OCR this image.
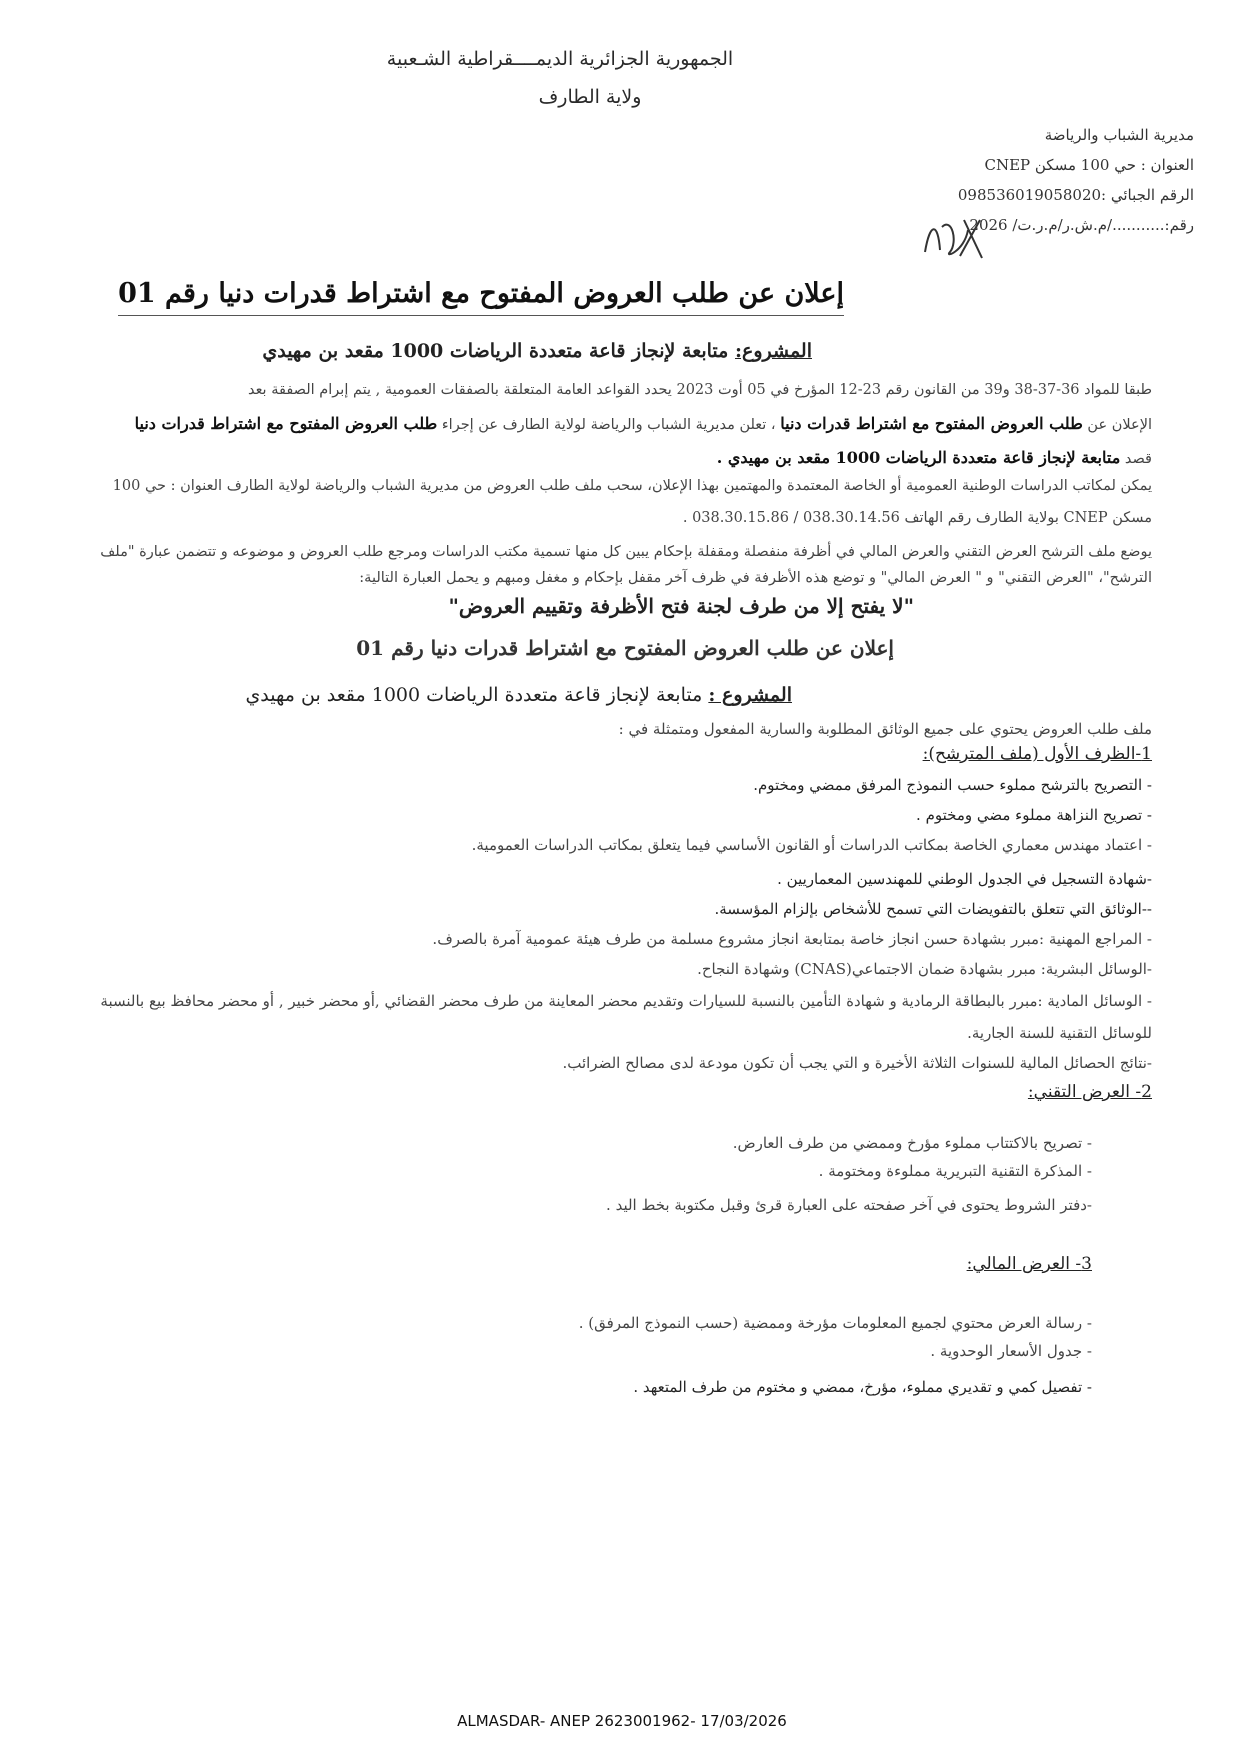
الجمهورية الجزائرية الديمــــقراطية الشـعبية
ولاية الطارف
مديرية الشباب والرياضة
العنوان : حي 100 مسكن CNEP
الرقم الجبائي :098536019058020
رقم:.........../م.ش.ر/م.ر.ت/ 2026
إعلان عن طلب العروض المفتوح مع اشتراط قدرات دنيا رقم 01
المشروع: متابعة لإنجاز قاعة متعددة الرياضات 1000 مقعد بن مهيدي
طبقا للمواد 36-37-38 و39 من القانون رقم 23-12 المؤرخ في 05 أوت 2023 يحدد القواعد العامة المتعلقة بالصفقات العمومية , يتم إبرام الصفقة بعد
الإعلان عن طلب العروض المفتوح مع اشتراط قدرات دنيا ، تعلن مديرية الشباب والرياضة لولاية الطارف عن إجراء طلب العروض المفتوح مع اشتراط قدرات دنيا
قصد متابعة لإنجاز قاعة متعددة الرياضات 1000 مقعد بن مهيدي .
يمكن لمكاتب الدراسات الوطنية العمومية أو الخاصة المعتمدة والمهتمين بهذا الإعلان، سحب ملف طلب العروض من مديرية الشباب والرياضة لولاية الطارف العنوان : حي 100
مسكن CNEP بولاية الطارف رقم الهاتف 038.30.14.56 / 038.30.15.86 .
يوضع ملف الترشح العرض التقني والعرض المالي في أظرفة منفصلة ومقفلة بإحكام يبين كل منها تسمية مكتب الدراسات ومرجع طلب العروض و موضوعه و تتضمن عبارة "ملف
الترشح"، "العرض التقني" و " العرض المالي" و توضع هذه الأظرفة في ظرف آخر مقفل بإحكام و مغفل ومبهم و يحمل العبارة التالية:
"لا يفتح إلا من طرف لجنة فتح الأظرفة وتقييم العروض"
إعلان عن طلب العروض المفتوح مع اشتراط قدرات دنيا رقم 01
المشروع : متابعة لإنجاز قاعة متعددة الرياضات 1000 مقعد بن مهيدي
ملف طلب العروض يحتوي على جميع الوثائق المطلوبة والسارية المفعول ومتمثلة في :
1-الظرف الأول (ملف المترشح):
- التصريح بالترشح مملوء حسب النموذج المرفق ممضي ومختوم.
- تصريح النزاهة مملوء مضي ومختوم .
- اعتماد مهندس معماري الخاصة بمكاتب الدراسات أو القانون الأساسي فيما يتعلق بمكاتب الدراسات العمومية.
-شهادة التسجيل في الجدول الوطني للمهندسين المعماريين .
--الوثائق التي تتعلق بالتفويضات التي تسمح للأشخاص بإلزام المؤسسة.
- المراجع المهنية :مبرر بشهادة حسن انجاز خاصة بمتابعة انجاز مشروع مسلمة من طرف هيئة عمومية آمرة بالصرف.
-الوسائل البشرية: مبرر بشهادة ضمان الاجتماعي(CNAS) وشهادة النجاح.
- الوسائل المادية :مبرر بالبطاقة الرمادية و شهادة التأمين بالنسبة للسيارات وتقديم محضر المعاينة من طرف محضر القضائي ,أو محضر خبير , أو محضر محافظ بيع بالنسبة
للوسائل التقنية للسنة الجارية.
-نتائج الحصائل المالية للسنوات الثلاثة الأخيرة و التي يجب أن تكون مودعة لدى مصالح الضرائب.
2- العرض التقني:
- تصريح بالاكتتاب مملوء مؤرخ وممضي من طرف العارض.
- المذكرة التقنية التبريرية مملوءة ومختومة .
-دفتر الشروط يحتوى في آخر صفحته على العبارة قرئ وقبل مكتوبة بخط اليد .
3- العرض المالي:
- رسالة العرض محتوي لجميع المعلومات مؤرخة وممضية (حسب النموذج المرفق) .
- جدول الأسعار الوحدوية .
- تفصيل كمي و تقديري مملوء، مؤرخ، ممضي و مختوم من طرف المتعهد .
ALMASDAR- ANEP 2623001962- 17/03/2026
